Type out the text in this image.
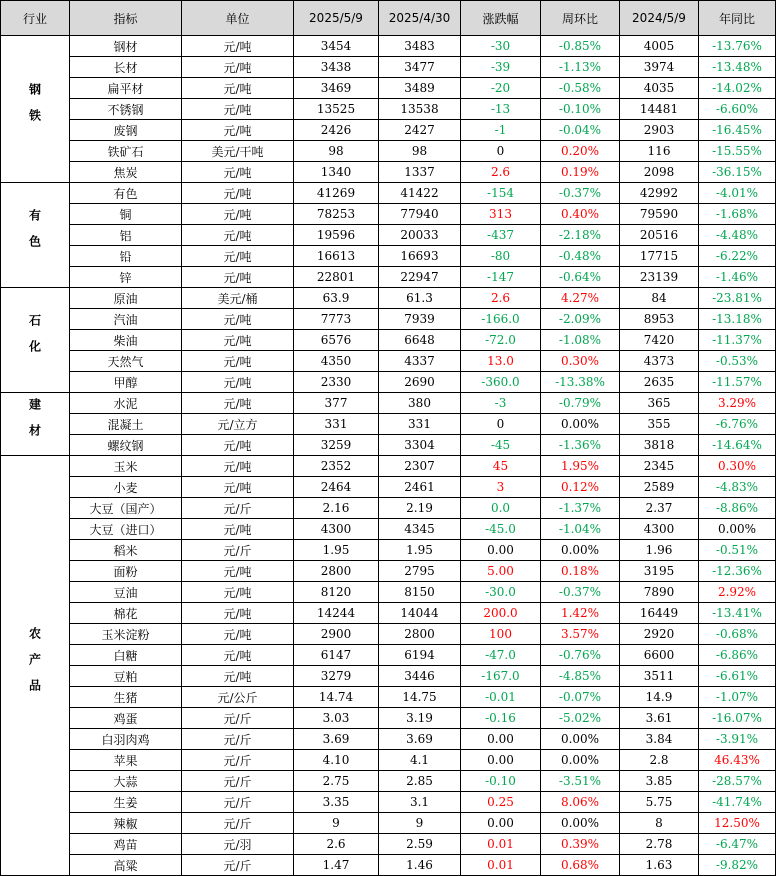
行业	指标	单位	2025/5/9	2025/4/30	涨跌幅	周环比	2024/5/9	年同比
钢铁	钢材	元/吨	3454	3483	-30	-0.85%	4005	-13.76%
	长材	元/吨	3438	3477	-39	-1.13%	3974	-13.48%
	扁平材	元/吨	3469	3489	-20	-0.58%	4035	-14.02%
	不锈钢	元/吨	13525	13538	-13	-0.10%	14481	-6.60%
	废钢	元/吨	2426	2427	-1	-0.04%	2903	-16.45%
	铁矿石	美元/干吨	98	98	0	0.20%	116	-15.55%
	焦炭	元/吨	1340	1337	2.6	0.19%	2098	-36.15%
有色	有色	元/吨	41269	41422	-154	-0.37%	42992	-4.01%
	铜	元/吨	78253	77940	313	0.40%	79590	-1.68%
	铝	元/吨	19596	20033	-437	-2.18%	20516	-4.48%
	铅	元/吨	16613	16693	-80	-0.48%	17715	-6.22%
	锌	元/吨	22801	22947	-147	-0.64%	23139	-1.46%
石化	原油	美元/桶	63.9	61.3	2.6	4.27%	84	-23.81%
	汽油	元/吨	7773	7939	-166.0	-2.09%	8953	-13.18%
	柴油	元/吨	6576	6648	-72.0	-1.08%	7420	-11.37%
	天然气	元/吨	4350	4337	13.0	0.30%	4373	-0.53%
	甲醇	元/吨	2330	2690	-360.0	-13.38%	2635	-11.57%
建材	水泥	元/吨	377	380	-3	-0.79%	365	3.29%
	混凝土	元/立方	331	331	0	0.00%	355	-6.76%
	螺纹钢	元/吨	3259	3304	-45	-1.36%	3818	-14.64%
农产品	玉米	元/吨	2352	2307	45	1.95%	2345	0.30%
	小麦	元/吨	2464	2461	3	0.12%	2589	-4.83%
	大豆（国产）	元/斤	2.16	2.19	0.0	-1.37%	2.37	-8.86%
	大豆（进口）	元/吨	4300	4345	-45.0	-1.04%	4300	0.00%
	稻米	元/斤	1.95	1.95	0.00	0.00%	1.96	-0.51%
	面粉	元/吨	2800	2795	5.00	0.18%	3195	-12.36%
	豆油	元/吨	8120	8150	-30.0	-0.37%	7890	2.92%
	棉花	元/吨	14244	14044	200.0	1.42%	16449	-13.41%
	玉米淀粉	元/吨	2900	2800	100	3.57%	2920	-0.68%
	白糖	元/吨	6147	6194	-47.0	-0.76%	6600	-6.86%
	豆粕	元/吨	3279	3446	-167.0	-4.85%	3511	-6.61%
	生猪	元/公斤	14.74	14.75	-0.01	-0.07%	14.9	-1.07%
	鸡蛋	元/斤	3.03	3.19	-0.16	-5.02%	3.61	-16.07%
	白羽肉鸡	元/斤	3.69	3.69	0.00	0.00%	3.84	-3.91%
	苹果	元/斤	4.10	4.1	0.00	0.00%	2.8	46.43%
	大蒜	元/斤	2.75	2.85	-0.10	-3.51%	3.85	-28.57%
	生姜	元/斤	3.35	3.1	0.25	8.06%	5.75	-41.74%
	辣椒	元/斤	9	9	0.00	0.00%	8	12.50%
	鸡苗	元/羽	2.6	2.59	0.01	0.39%	2.78	-6.47%
	高粱	元/斤	1.47	1.46	0.01	0.68%	1.63	-9.82%
